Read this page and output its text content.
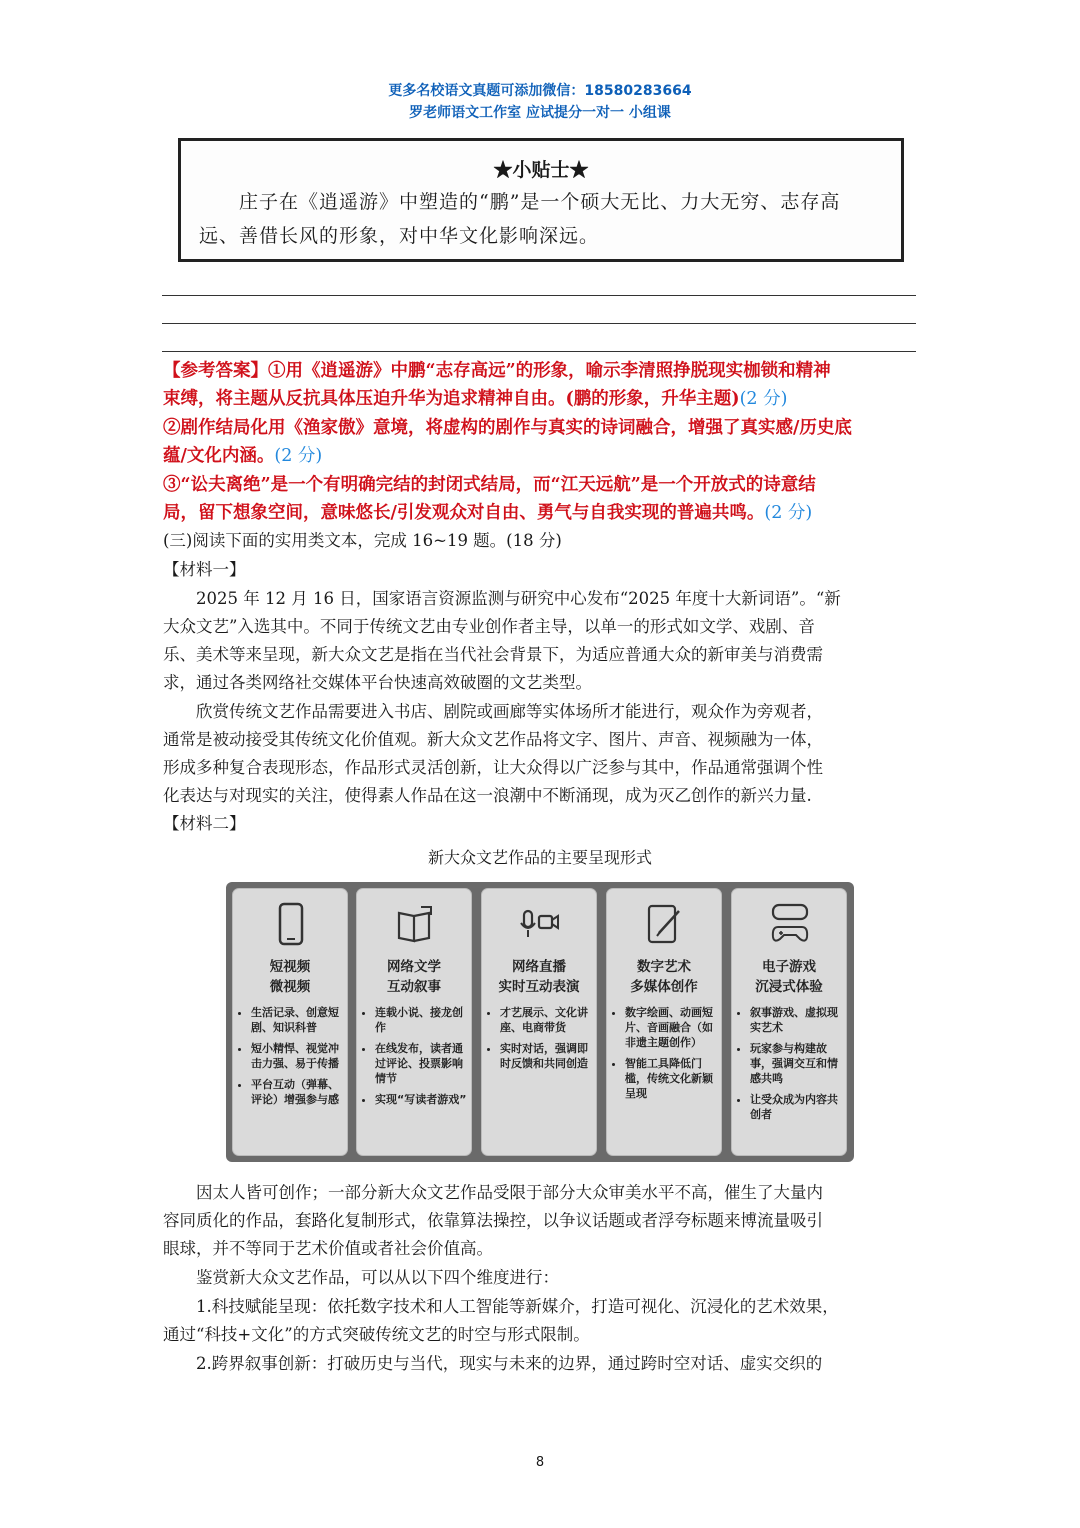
更多名校语文真题可添加微信：18580283664
罗老师语文工作室 应试提分一对一 小组课
★小贴士★
庄子在《逍遥游》中塑造的“鹏”是一个硕大无比、力大无穷、志存高
远、善借长风的形象，对中华文化影响深远。
【参考答案】①用《逍遥游》中鹏“志存高远”的形象，喻示李清照挣脱现实枷锁和精神
束缚，将主题从反抗具体压迫升华为追求精神自由。(鹏的形象，升华主题)(2 分)
②剧作结局化用《渔家傲》意境，将虚构的剧作与真实的诗词融合，增强了真实感/历史底
蕴/文化内涵。(2 分)
③“讼夫离绝”是一个有明确完结的封闭式结局，而“江天远航”是一个开放式的诗意结
局，留下想象空间，意味悠长/引发观众对自由、勇气与自我实现的普遍共鸣。(2 分)
(三)阅读下面的实用类文本，完成 16~19 题。(18 分)
【材料一】
　　2025 年 12 月 16 日，国家语言资源监测与研究中心发布“2025 年度十大新词语”。“新
大众文艺”入选其中。不同于传统文艺由专业创作者主导，以单一的形式如文学、戏剧、音
乐、美术等来呈现，新大众文艺是指在当代社会背景下，为适应普通大众的新审美与消费需
求，通过各类网络社交媒体平台快速高效破圈的文艺类型。
　　欣赏传统文艺作品需要进入书店、剧院或画廊等实体场所才能进行，观众作为旁观者，
通常是被动接受其传统文化价值观。新大众文艺作品将文字、图片、声音、视频融为一体，
形成多种复合表现形态，作品形式灵活创新，让大众得以广泛参与其中，作品通常强调个性
化表达与对现实的关注，使得素人作品在这一浪潮中不断涌现，成为灭乙创作的新兴力量.
【材料二】
新大众文艺作品的主要呈现形式
短视频
微视频
• 生活记录、创意短剧、知识科普
• 短小精悍、视觉冲击力强、易于传播
• 平台互动（弹幕、评论）增强参与感
网络文学
互动叙事
• 连载小说、接龙创作
• 在线发布，读者通过评论、投票影响情节
• 实现“写读者游戏”
网络直播
实时互动表演
• 才艺展示、文化讲座、电商带货
• 实时对话，强调即时反馈和共同创造
数字艺术
多媒体创作
• 数字绘画、动画短片、音画融合（如非遗主题创作）
• 智能工具降低门槛，传统文化新颖呈现
电子游戏
沉浸式体验
• 叙事游戏、虚拟现实艺术
• 玩家参与构建故事，强调交互和情感共鸣
• 让受众成为内容共创者
　　因太人皆可创作；一部分新大众文艺作品受限于部分大众审美水平不高，催生了大量内
容同质化的作品，套路化复制形式，依靠算法操控，以争议话题或者浮夸标题来博流量吸引
眼球，并不等同于艺术价值或者社会价值高。
　　鉴赏新大众文艺作品，可以从以下四个维度进行：
　　1.科技赋能呈现：依托数字技术和人工智能等新媒介，打造可视化、沉浸化的艺术效果，
通过“科技+文化”的方式突破传统文艺的时空与形式限制。
　　2.跨界叙事创新：打破历史与当代，现实与未来的边界，通过跨时空对话、虚实交织的
8
